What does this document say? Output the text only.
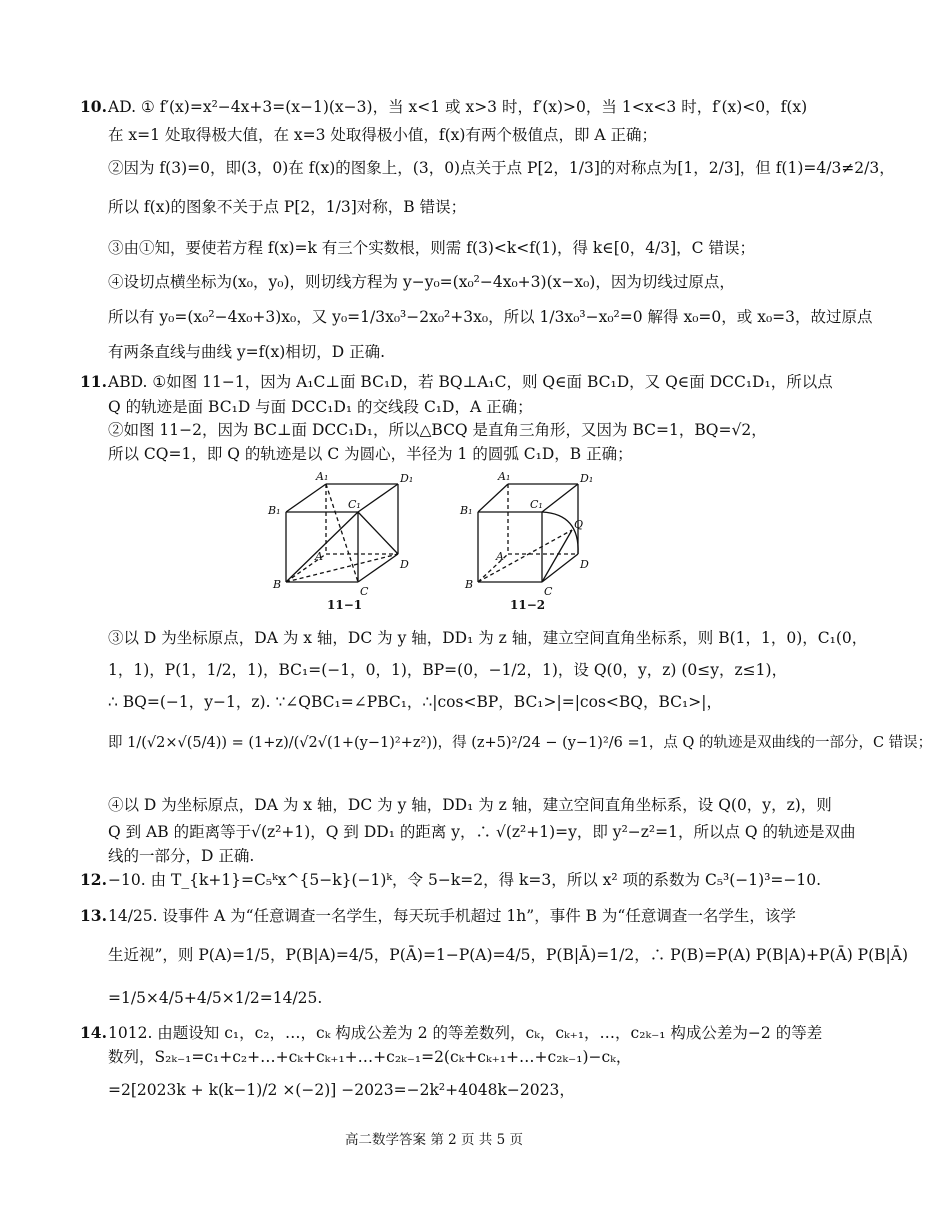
10. AD. ① f′(x)=x²−4x+3=(x−1)(x−3)，当 x<1 或 x>3 时，f′(x)>0，当 1<x<3 时，f′(x)<0，f(x)
在 x=1 处取得极大值，在 x=3 处取得极小值，f(x)有两个极值点，即 A 正确；
②因为 f(3)=0，即(3，0)在 f(x)的图象上，(3，0)点关于点 P[2，1/3]的对称点为[1，2/3]，但 f(1)=4/3≠2/3，
所以 f(x)的图象不关于点 P[2，1/3]对称，B 错误；
③由①知，要使若方程 f(x)=k 有三个实数根，则需 f(3)<k<f(1)，得 k∈[0，4/3]，C 错误；
④设切点横坐标为(x₀，y₀)，则切线方程为 y−y₀=(x₀²−4x₀+3)(x−x₀)，因为切线过原点，
所以有 y₀=(x₀²−4x₀+3)x₀，又 y₀=1/3x₀³−2x₀²+3x₀，所以 1/3x₀³−x₀²=0 解得 x₀=0，或 x₀=3，故过原点
有两条直线与曲线 y=f(x)相切，D 正确.
11. ABD. ①如图 11−1，因为 A₁C⊥面 BC₁D，若 BQ⊥A₁C，则 Q∈面 BC₁D，又 Q∈面 DCC₁D₁，所以点
Q 的轨迹是面 BC₁D 与面 DCC₁D₁ 的交线段 C₁D，A 正确；
②如图 11−2，因为 BC⊥面 DCC₁D₁，所以△BCQ 是直角三角形，又因为 BC=1，BQ=√2，
所以 CQ=1，即 Q 的轨迹是以 C 为圆心，半径为 1 的圆弧 C₁D，B 正确；
A₁	D₁
B₁	C₁
A
B
C
D
11−1
A₁	D₁
B₁	C₁
A
B
C
D
Q
11−2
③以 D 为坐标原点，DA 为 x 轴，DC 为 y 轴，DD₁ 为 z 轴，建立空间直角坐标系，则 B(1，1，0)，C₁(0，
1，1)，P(1，1/2，1)，BC₁=(−1，0，1)，BP=(0，−1/2，1)，设 Q(0，y，z) (0≤y，z≤1)，
∴ BQ=(−1，y−1，z). ∵∠QBC₁=∠PBC₁，∴|cos<BP，BC₁>|=|cos<BQ，BC₁>|，
即 1/(√2×√(5/4)) = (1+z)/(√2√(1+(y−1)²+z²))，得 (z+5)²/24 − (y−1)²/6 =1，点 Q 的轨迹是双曲线的一部分，C 错误；
④以 D 为坐标原点，DA 为 x 轴，DC 为 y 轴，DD₁ 为 z 轴，建立空间直角坐标系，设 Q(0，y，z)，则
Q 到 AB 的距离等于√(z²+1)，Q 到 DD₁ 的距离 y，∴ √(z²+1)=y，即 y²−z²=1，所以点 Q 的轨迹是双曲
线的一部分，D 正确.
12. −10. 由 T_{k+1}=C₅ᵏx^{5−k}(−1)ᵏ，令 5−k=2，得 k=3，所以 x² 项的系数为 C₅³(−1)³=−10.
13. 14/25. 设事件 A 为“任意调查一名学生，每天玩手机超过 1h”，事件 B 为“任意调查一名学生，该学
生近视”，则 P(A)=1/5，P(B|A)=4/5，P(Ā)=1−P(A)=4/5，P(B|Ā)=1/2，∴ P(B)=P(A) P(B|A)+P(Ā) P(B|Ā)
=1/5×4/5+4/5×1/2=14/25.
14. 1012. 由题设知 c₁，c₂，…，cₖ 构成公差为 2 的等差数列，cₖ，cₖ₊₁，…，c₂ₖ₋₁ 构成公差为−2 的等差
数列，S₂ₖ₋₁=c₁+c₂+…+cₖ+cₖ₊₁+…+c₂ₖ₋₁=2(cₖ+cₖ₊₁+…+c₂ₖ₋₁)−cₖ，
=2[2023k + k(k−1)/2 ×(−2)] −2023=−2k²+4048k−2023，
高二数学答案 第 2 页 共 5 页
